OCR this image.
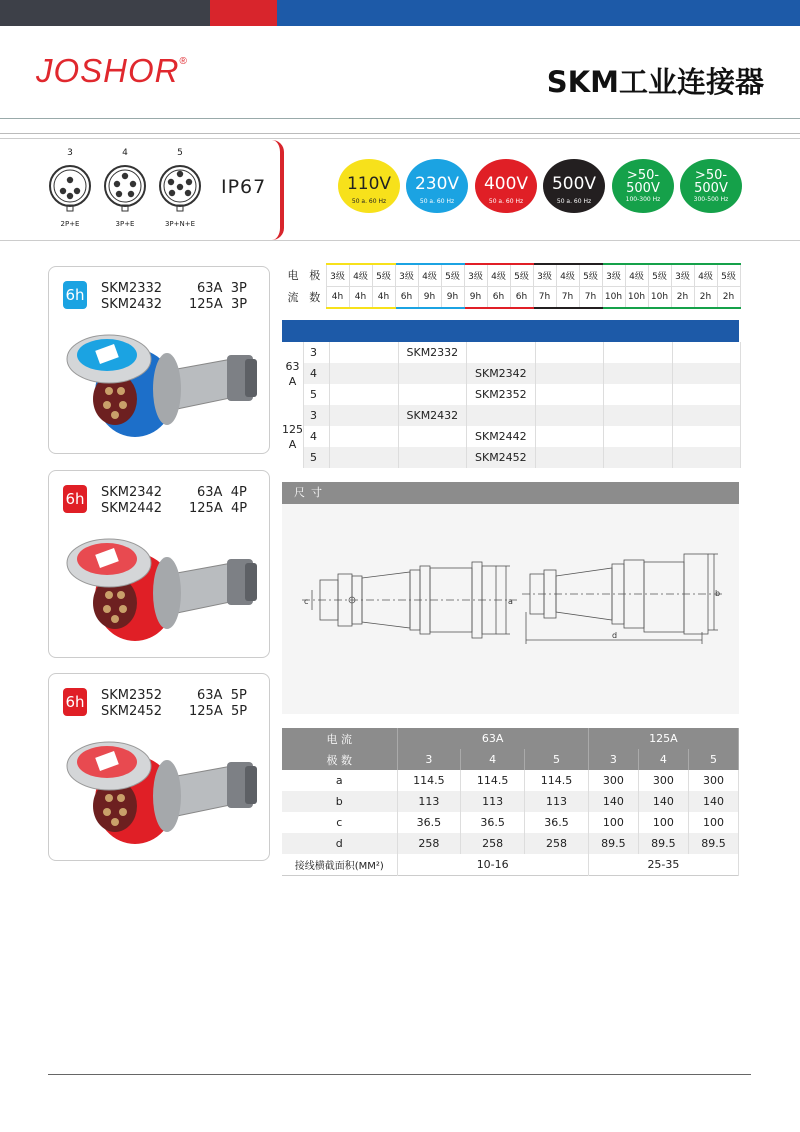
JOSHOR®
SKM工业连接器
3
2P+E
4
3P+E
5
3P+N+E
IP67	110V
50 a. 60 Hz
230V
50 a. 60 Hz
400V
50 a. 60 Hz
500V
50 a. 60 Hz
>50-
500V
100-300 Hz
>50-
500V
300-500 Hz
6h SKM2332
SKM2432
63A  3P
125A  3P
6h SKM2342
SKM2442
63A  4P
125A  4P
6h SKM2352
SKM2452
63A  5P
125A  5P
电	极	3级	4级	5级	3级	4级	5级	3级	4级	5级	3级	4级	5级	3级	4级	5级	3级	4级	5级
流	数	4h	4h	4h	6h	9h	9h	9h	6h	6h	7h	7h	7h	10h	10h	10h	2h	2h	2h
63
A	3		SKM2332				
	4			SKM2342			
	5			SKM2352			
125
A	3		SKM2432				
	4			SKM2442			
	5			SKM2452			
尺寸
c	a
b
d
电 流	63A			125A		
极 数	3	4	5	3	4	5
a	114.5	114.5	114.5	300	300	300
b	113	113	113	140	140	140
c	36.5	36.5	36.5	100	100	100
d	258	258	258	89.5	89.5	89.5
接线横截面积(MM²)	10-16			25-35		
